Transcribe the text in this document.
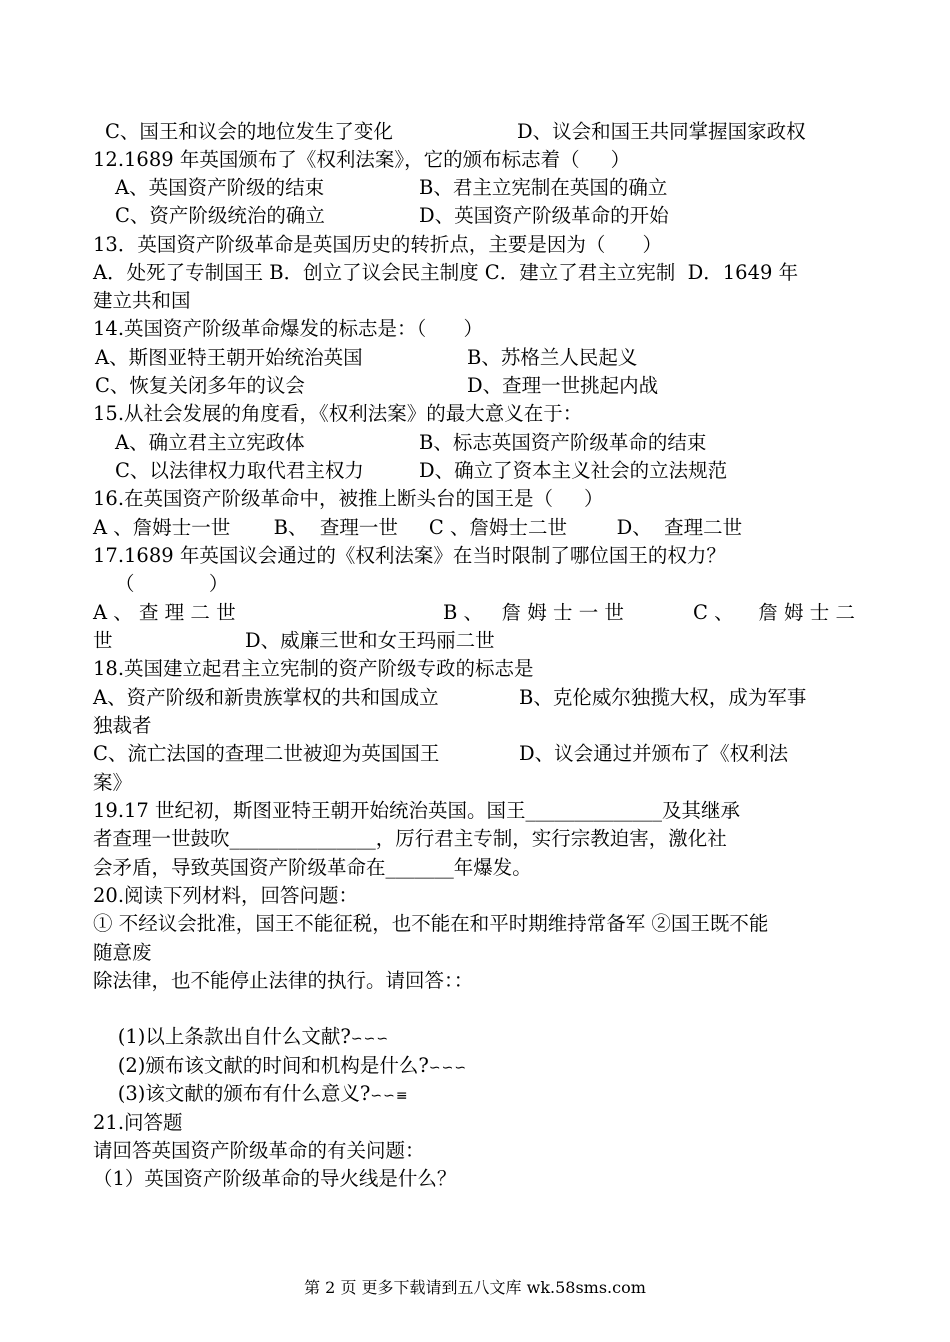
C、国王和议会的地位发生了变化

	D、议会和国王共同掌握国家政权

12.1689 年英国颁布了《权利法案》，它的颁布标志着（     ）

A、英国资产阶级的结束

	B、君主立宪制在英国的确立

C、资产阶级统治的确立

	D、英国资产阶级革命的开始

13．英国资产阶级革命是英国历史的转折点，主要是因为（      ）
A．处死了专制国王 B．创立了议会民主制度 C．建立了君主立宪制  D．1649 年
建立共和国
14.英国资产阶级革命爆发的标志是：（      ）

A、斯图亚特王朝开始统治英国

	B、苏格兰人民起义

C、恢复关闭多年的议会

	D、查理一世挑起内战

15.从社会发展的角度看，《权利法案》的最大意义在于：

A、确立君主立宪政体

	B、标志英国资产阶级革命的结束

C、以法律权力取代君主权力

	D、确立了资本主义社会的立法规范

16.在英国资产阶级革命中，被推上断头台的国王是（     ）
A 、詹姆士一世       B、  查理一世     C 、詹姆士二世        D、  查理二世
17.1689 年英国议会通过的《权利法案》在当时限制了哪位国王的权力？

（            ）

A 、 查 理 二 世

	B 、   詹 姆 士 一 世

	C 、    詹 姆 士 二

世

	D、威廉三世和女王玛丽二世

18.英国建立起君主立宪制的资产阶级专政的标志是

A、资产阶级和新贵族掌权的共和国成立

	B、克伦威尔独揽大权，成为军事

独裁者

C、流亡法国的查理二世被迎为英国国王

	D、议会通过并颁布了《权利法

案》
19.17 世纪初，斯图亚特王朝开始统治英国。国王______________及其继承
者查理一世鼓吹_______________，厉行君主专制，实行宗教迫害，激化社
会矛盾，导致英国资产阶级革命在_______年爆发。
20.阅读下列材料，回答问题：
① 不经议会批准，国王不能征税，也不能在和平时期维持常备军 ②国王既不能
随意废
除法律，也不能停止法律的执行。请回答：：

(1)以上条款出自什么文献?∽∽∽

(2)颁布该文献的时间和机构是什么?∽∽∽

(3)该文献的颁布有什么意义?∽∽≡

21.问答题
请回答英国资产阶级革命的有关问题：
（1）英国资产阶级革命的导火线是什么？
第 2 页 更多下载请到五八文库 wk.58sms.com
